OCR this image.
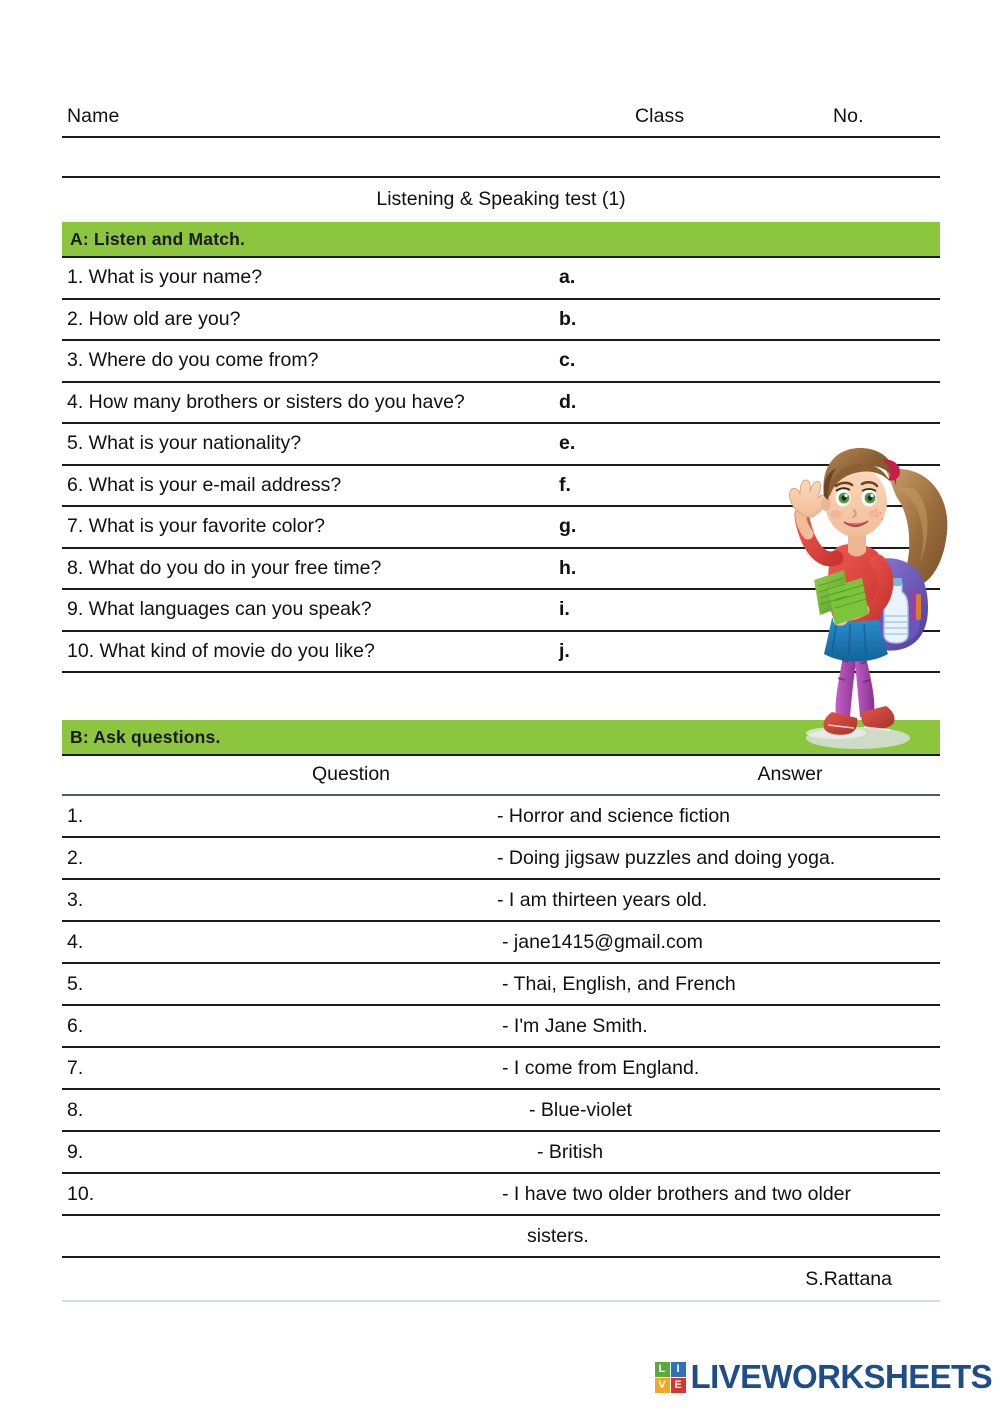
Name	Class	No.
Listening & Speaking test (1)
A: Listen and Match.
1. What is your name?	a.
2. How old are you?	b.
3. Where do you come from?	c.
4. How many brothers or sisters do you have?	d.
5. What is your nationality?	e.
6. What is your e-mail address?	f.
7. What is your favorite color?	g.
8. What do you do in your free time?	h.
9. What languages can you speak?	i.
10. What kind of movie do you like?	j.
B: Ask questions.
Question	Answer
1.	- Horror and science fiction
2.	- Doing jigsaw puzzles and doing yoga.
3.	- I am thirteen years old.
4.	- jane1415@gmail.com
5.	- Thai, English, and French
6.	- I'm Jane Smith.
7.	- I come from England.
8.	- Blue-violet
9.	- British
10.	- I have two older brothers and two older
sisters.
S.Rattana
L	I
V E LIVEWORKSHEETS
